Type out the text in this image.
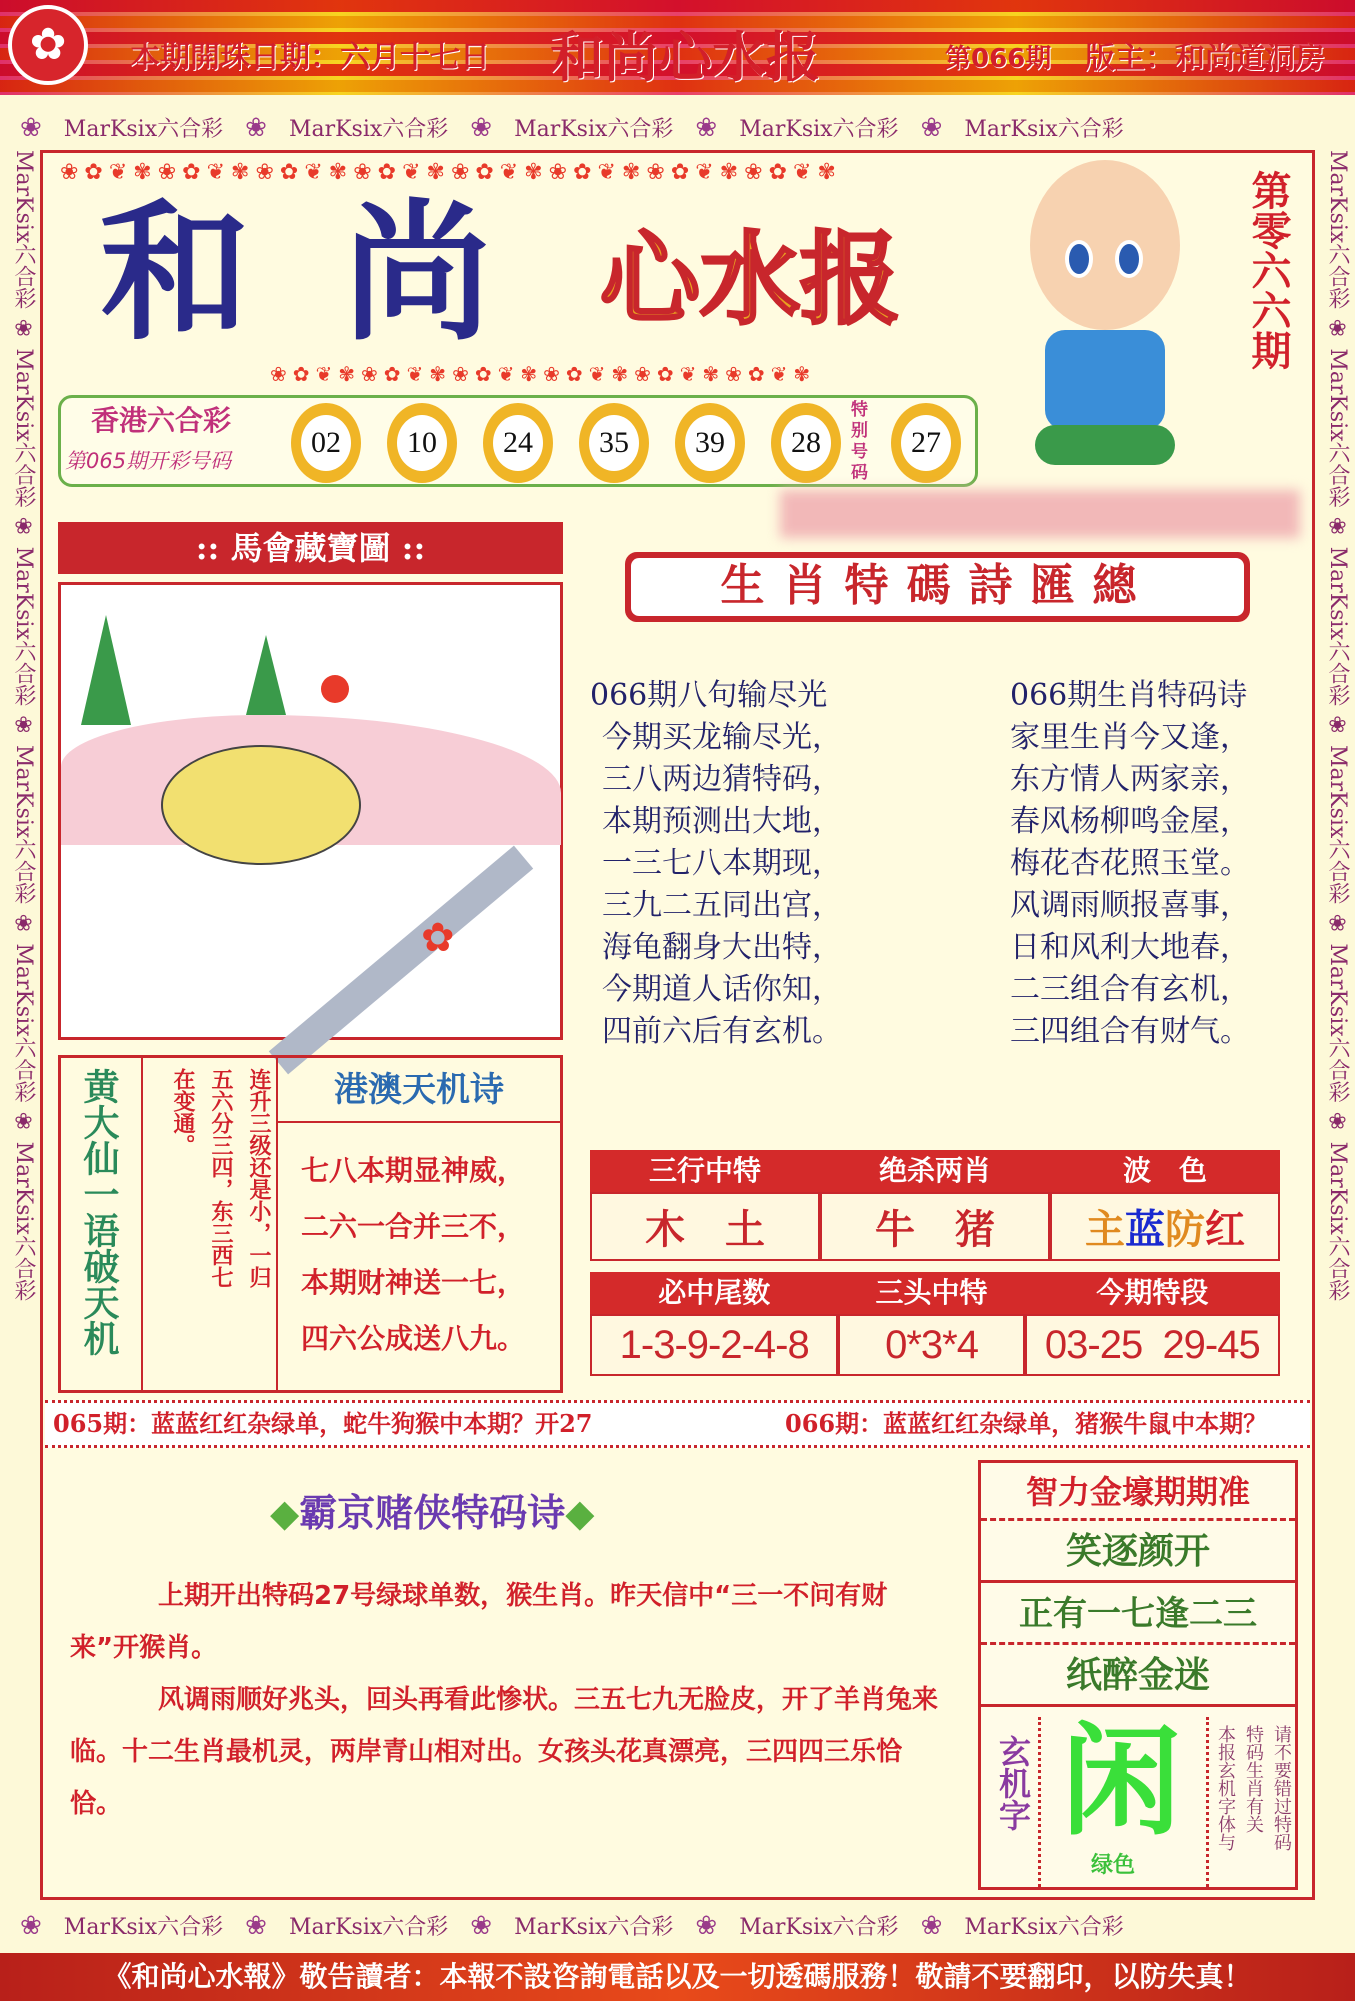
✿	本期開珠日期：六月十七日 和尚心水报	第066期 版主：和尚道洞房
❀ MarKsix六合彩 ❀ MarKsix六合彩 ❀ MarKsix六合彩 ❀ MarKsix六合彩 ❀ MarKsix六合彩
MarKsix六合彩 ❀ MarKsix六合彩 ❀ MarKsix六合彩 ❀ MarKsix六合彩 ❀ MarKsix六合彩 ❀ MarKsix六合彩
MarKsix六合彩 ❀ MarKsix六合彩 ❀ MarKsix六合彩 ❀ MarKsix六合彩 ❀ MarKsix六合彩 ❀ MarKsix六合彩
❀✿❦✾❀✿❦✾❀✿❦✾❀✿❦✾❀✿❦✾❀✿❦✾❀✿❦✾❀✿❦✾
和 尚 心水报
❀✿❦✾❀✿❦✾❀✿❦✾❀✿❦✾❀✿❦✾❀✿❦✾
第零六六期
香港六合彩
第065期开彩号码
02	10	24	35	39	28
特别号码
27
:: 馬會藏寶圖 ::
✿
生肖特碼詩匯總
066期八句输尽光
今期买龙输尽光，
三八两边猜特码，
本期预测出大地，
一三七八本期现，
三九二五同出宫，
海龟翻身大出特，
今期道人话你知，
四前六后有玄机。
066期生肖特码诗
家里生肖今又逢，
东方情人两家亲，
春风杨柳鸣金屋，
梅花杏花照玉堂。
风调雨顺报喜事，
日和风利大地春，
二三组合有玄机，
三四组合有财气。
黄大仙一语破天机	连升三级还是小，一归
五六分三四，东三西七
在变通。	港澳天机诗
七八本期显神威，
二六一合并三不，
本期财神送一七，
四六公成送八九。
三行中特	绝杀两肖	波　色
木　土	牛　猪	主蓝防红
必中尾数	三头中特	今期特段
1-3-9-2-4-8	0*3*4	03-25  29-45
065期：蓝蓝红红杂绿单，蛇牛狗猴中本期？开27	066期：蓝蓝红红杂绿单，猪猴牛鼠中本期？
◆霸京赌侠特码诗◆
上期开出特码27号绿球单数，猴生肖。昨天信中“三一不问有财来”开猴肖。
风调雨顺好兆头，回头再看此惨状。三五七九无脸皮，开了羊肖兔来临。十二生肖最机灵，两岸青山相对出。女孩头花真漂亮，三四四三乐恰恰。
智力金壕期期准
笑逐颜开
正有一七逢二三
纸醉金迷
玄机字 闲
绿色
请不要错过特码
特码生肖有关
本报玄机字体与
❀ MarKsix六合彩 ❀ MarKsix六合彩 ❀ MarKsix六合彩 ❀ MarKsix六合彩 ❀ MarKsix六合彩
《和尚心水報》敬告讀者：本報不設咨詢電話以及一切透碼服務！敬請不要翻印，以防失真！
